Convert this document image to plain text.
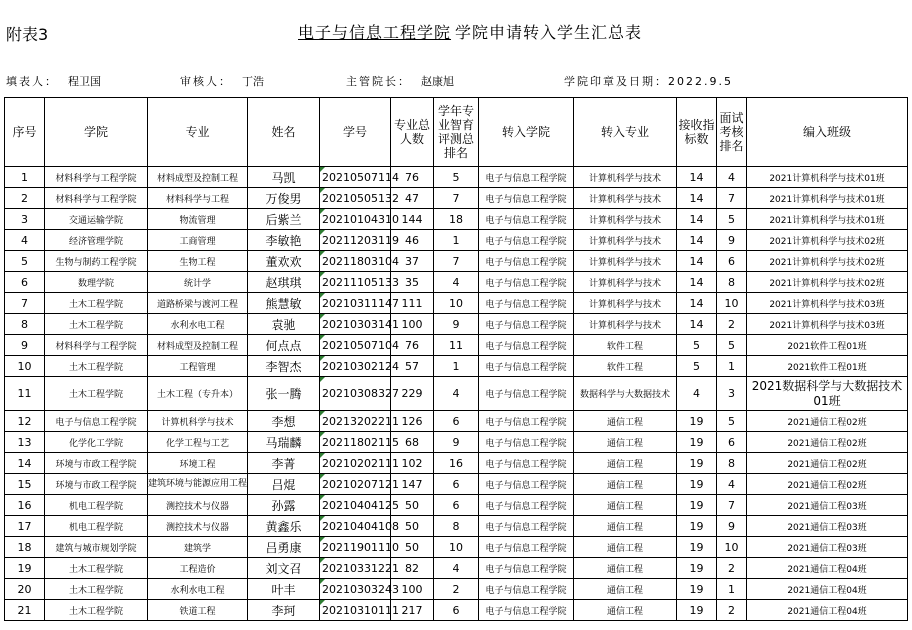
附表3	电子与信息工程学院 学院申请转入学生汇总表
填表人： 程卫国	审核人： 丁浩	主管院长： 赵康旭	学院印章及日期：2022.9.5
序号	学院	专业	姓名	学号	专业总人数	学年专业智育评测总排名	转入学院	转入专业	接收指标数	面试考核排名	编入班级
1	材料科学与工程学院	材料成型及控制工程	马凯	20210507114	76	5	电子与信息工程学院	计算机科学与技术	14	4	2021计算机科学与技术01班
2	材料科学与工程学院	材料科学与工程	万俊男	20210505132	47	7	电子与信息工程学院	计算机科学与技术	14	7	2021计算机科学与技术01班
3	交通运输学院	物流管理	后紫兰	20210104310	144	18	电子与信息工程学院	计算机科学与技术	14	5	2021计算机科学与技术01班
4	经济管理学院	工商管理	李敏艳	20211203119	46	1	电子与信息工程学院	计算机科学与技术	14	9	2021计算机科学与技术02班
5	生物与制药工程学院	生物工程	董欢欢	20211803104	37	7	电子与信息工程学院	计算机科学与技术	14	6	2021计算机科学与技术02班
6	数理学院	统计学	赵琪琪	20211105133	35	4	电子与信息工程学院	计算机科学与技术	14	8	2021计算机科学与技术02班
7	土木工程学院	道路桥梁与渡河工程	熊慧敏	20210311147	111	10	电子与信息工程学院	计算机科学与技术	14	10	2021计算机科学与技术03班
8	土木工程学院	水利水电工程	袁驰	20210303141	100	9	电子与信息工程学院	计算机科学与技术	14	2	2021计算机科学与技术03班
9	材料科学与工程学院	材料成型及控制工程	何点点	20210507104	76	11	电子与信息工程学院	软件工程	5	5	2021软件工程01班
10	土木工程学院	工程管理	李智杰	20210302124	57	1	电子与信息工程学院	软件工程	5	1	2021软件工程01班
11	土木工程学院	土木工程（专升本）	张一腾	20210308327	229	4	电子与信息工程学院	数据科学与大数据技术	4	3	2021数据科学与大数据技术01班
12	电子与信息工程学院	计算机科学与技术	李想	20213202211	126	6	电子与信息工程学院	通信工程	19	5	2021通信工程02班
13	化学化工学院	化学工程与工艺	马瑞麟	20211802115	68	9	电子与信息工程学院	通信工程	19	6	2021通信工程02班
14	环境与市政工程学院	环境工程	李菁	20210202111	102	16	电子与信息工程学院	通信工程	19	8	2021通信工程02班
15	环境与市政工程学院	建筑环境与能源应用工程	吕焜	20210207121	147	6	电子与信息工程学院	通信工程	19	4	2021通信工程02班
16	机电工程学院	测控技术与仪器	孙露	20210404125	50	6	电子与信息工程学院	通信工程	19	7	2021通信工程03班
17	机电工程学院	测控技术与仪器	黄鑫乐	20210404108	50	8	电子与信息工程学院	通信工程	19	9	2021通信工程03班
18	建筑与城市规划学院	建筑学	吕勇康	20211901110	50	10	电子与信息工程学院	通信工程	19	10	2021通信工程03班
19	土木工程学院	工程造价	刘文召	20210331221	82	4	电子与信息工程学院	通信工程	19	2	2021通信工程04班
20	土木工程学院	水利水电工程	叶丰	20210303243	100	2	电子与信息工程学院	通信工程	19	1	2021通信工程04班
21	土木工程学院	铁道工程	李珂	20210310111	217	6	电子与信息工程学院	通信工程	19	2	2021通信工程04班
